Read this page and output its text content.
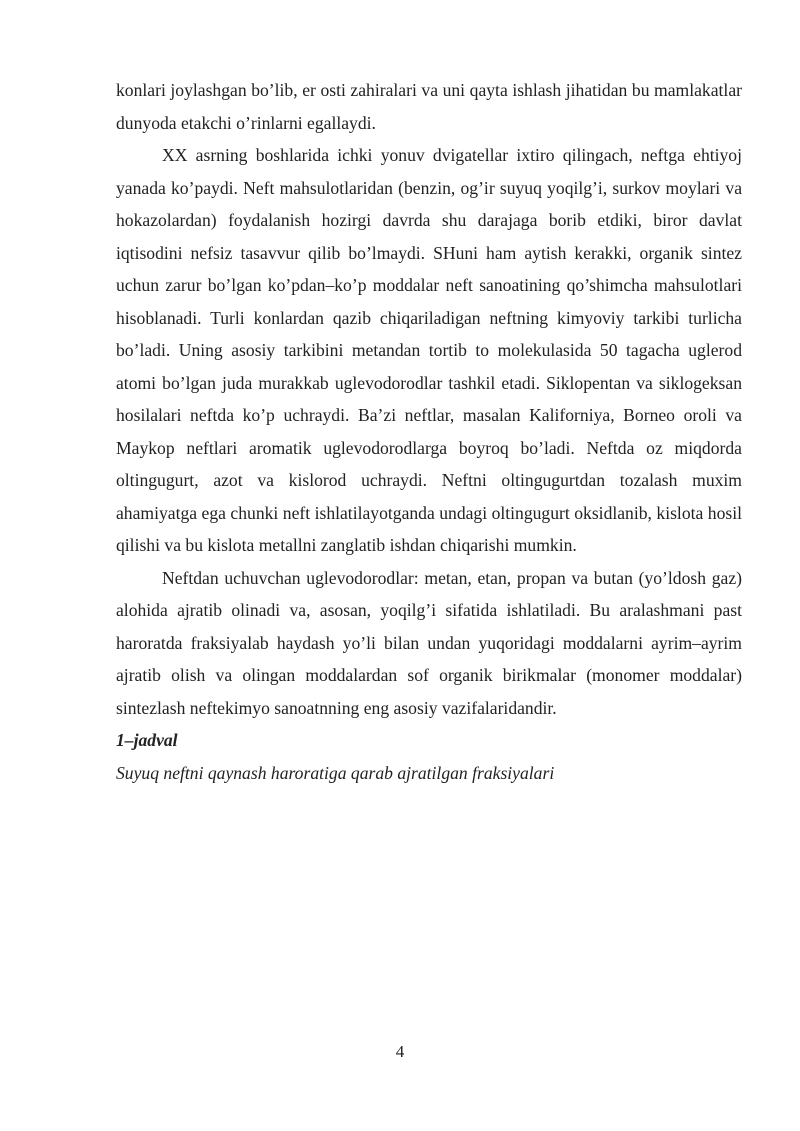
konlari joylashgan bo’lib, er osti zahiralari va uni qayta ishlash jihatidan bu mamlakatlar dunyoda etakchi o’rinlarni egallaydi.

XX asrning boshlarida ichki yonuv dvigatellar ixtiro qilingach, neftga ehtiyoj yanada ko’paydi. Neft mahsulotlaridan (benzin, og’ir suyuq yoqilg’i, surkov moylari va hokazolardan) foydalanish hozirgi davrda shu darajaga borib etdiki, biror davlat iqtisodini nefsiz tasavvur qilib bo’lmaydi. SHuni ham aytish kerakki, organik sintez uchun zarur bo’lgan ko’pdan–ko’p moddalar neft sanoatining qo’shimcha mahsulotlari hisoblanadi. Turli konlardan qazib chiqariladigan neftning kimyoviy tarkibi turlicha bo’ladi. Uning asosiy tarkibini metandan tortib to molekulasida 50 tagacha uglerod atomi bo’lgan juda murakkab uglevodorodlar tashkil etadi. Siklopentan va siklogeksan hosilalari neftda ko’p uchraydi. Ba’zi neftlar, masalan Kaliforniya, Borneo oroli va Maykop neftlari aromatik uglevodorodlarga boyroq bo’ladi. Neftda oz miqdorda oltingugurt, azot va kislorod uchraydi. Neftni oltingugurtdan tozalash muxim ahamiyatga ega chunki neft ishlatilayotganda undagi oltingugurt oksidlanib, kislota hosil qilishi va bu kislota metallni zanglatib ishdan chiqarishi mumkin.

Neftdan uchuvchan uglevodorodlar: metan, etan, propan va butan (yo’ldosh gaz) alohida ajratib olinadi va, asosan, yoqilg’i sifatida ishlatiladi. Bu aralashmani past haroratda fraksiyalab haydash yo’li bilan undan yuqoridagi moddalarni ayrim–ayrim ajratib olish va olingan moddalardan sof organik birikmalar (monomer moddalar) sintezlash neftekimyo sanoatnning eng asosiy vazifalaridandir.

1–jadval
Suyuq neftni qaynash haroratiga qarab ajratilgan fraksiyalari
4
